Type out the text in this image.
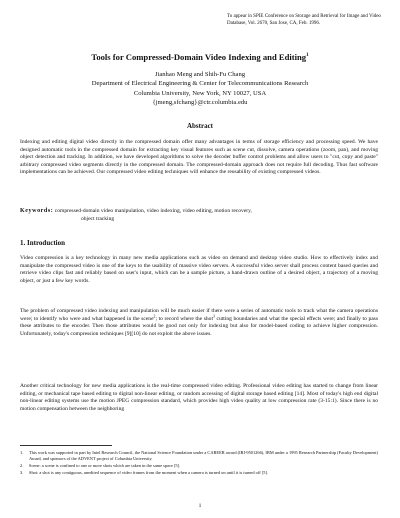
To appear in SPIE Conference on Storage and Retrieval for Image and Video Database, Vol. 2670, San Jose, CA, Feb. 1996.
Tools for Compressed-Domain Video Indexing and Editing$^1$
Jianhao Meng and Shih-Fu Chang
Department of Electrical Engineering & Center for Telecommunications Research
Columbia University, New York, NY 10027, USA
{jmeng,sfchang}@ctr.columbia.edu
Abstract
Indexing and editing digital video directly in the compressed domain offer many advantages in terms of storage efficiency and processing speed. We have designed automatic tools in the compressed domain for extracting key visual features such as scene cut, dissolve, camera operations (zoom, pan), and moving object detection and tracking. In addition, we have developed algorithms to solve the decoder buffer control problems and allow users to "cut, copy and paste" arbitrary compressed video segments directly in the compressed domain. The compressed-domain approach does not require full decoding. Thus fast software implementations can be achieved. Our compressed video editing techniques will enhance the reusability of existing compressed videos.
Keywords: compressed-domain video manipulation, video indexing, video editing, motion recovery,
object tracking
1. Introduction
Video compression is a key technology in many new media applications such as video on demand and desktop video studio. How to effectively index and manipulate the compressed video is one of the keys to the usability of massive video servers. A successful video server shall process content based queries and retrieve video clips fast and reliably based on user's input, which can be a sample picture, a hand-drawn outline of a desired object, a trajectory of a moving object, or just a few key words.
The problem of compressed video indexing and manipulation will be much easier if there were a series of automatic tools to track what the camera operations were; to identify who were and what happened in the scene$^2$; to record where the shot$^3$ cutting boundaries and what the special effects were; and finally to pass these attributes to the encoder. Then those attributes would be good not only for indexing but also for model-based coding to achieve higher compression. Unfortunately, today's compression techniques [9][10] do not exploit the above issues.
Another critical technology for new media applications is the real-time compressed video editing. Professional video editing has started to change from linear editing, or mechanical tape based editing to digital non-linear editing, or random accessing of digital storage based editing [14]. Most of today's high end digital non-linear editing systems use the motion JPEG compression standard, which provides high video quality at low compression rate (3-15:1). Since there is no motion compensation between the neighboring
1.	This work was supported in part by Intel Research Council, the National Science Foundation under a CAREER award (IRI-9501266), IBM under a 1995 Research Partnership (Faculty Development) Award, and sponsors of the ADVENT project of Columbia University.
2.	Scene: a scene is confined to one or more shots which are taken in the same space [5].
3.	Shot: a shot is any contiguous, unedited sequence of video frames from the moment when a camera is turned on until it is turned off [5].
1
